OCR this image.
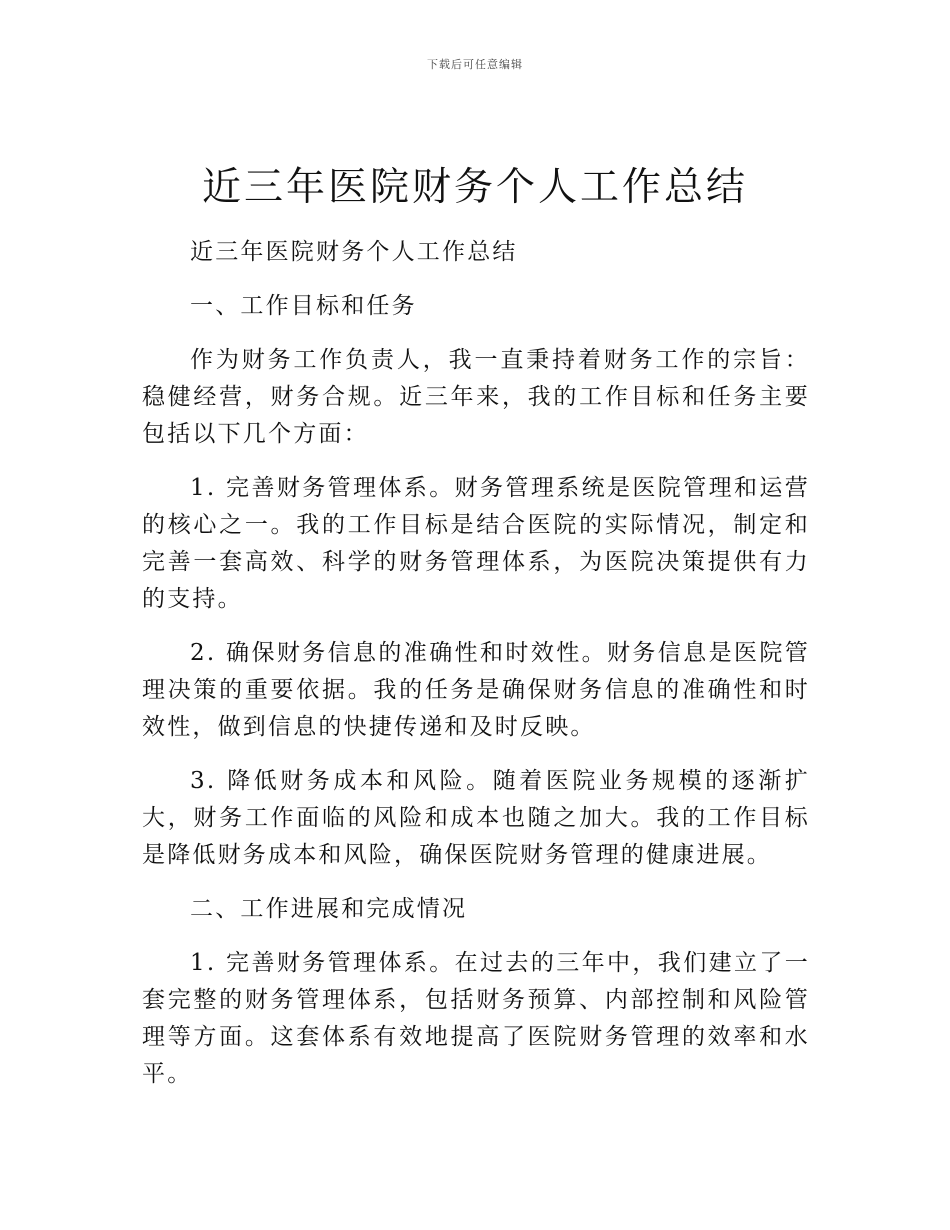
下载后可任意编辑
近三年医院财务个人工作总结

近三年医院财务个人工作总结

一、工作目标和任务

作为财务工作负责人，我一直秉持着财务工作的宗旨：稳健经营，财务合规。近三年来，我的工作目标和任务主要包括以下几个方面：

1. 完善财务管理体系。财务管理系统是医院管理和运营的核心之一。我的工作目标是结合医院的实际情况，制定和完善一套高效、科学的财务管理体系，为医院决策提供有力的支持。

2. 确保财务信息的准确性和时效性。财务信息是医院管理决策的重要依据。我的任务是确保财务信息的准确性和时效性，做到信息的快捷传递和及时反映。

3. 降低财务成本和风险。随着医院业务规模的逐渐扩大，财务工作面临的风险和成本也随之加大。我的工作目标是降低财务成本和风险，确保医院财务管理的健康进展。

二、工作进展和完成情况

1. 完善财务管理体系。在过去的三年中，我们建立了一套完整的财务管理体系，包括财务预算、内部控制和风险管理等方面。这套体系有效地提高了医院财务管理的效率和水平。
